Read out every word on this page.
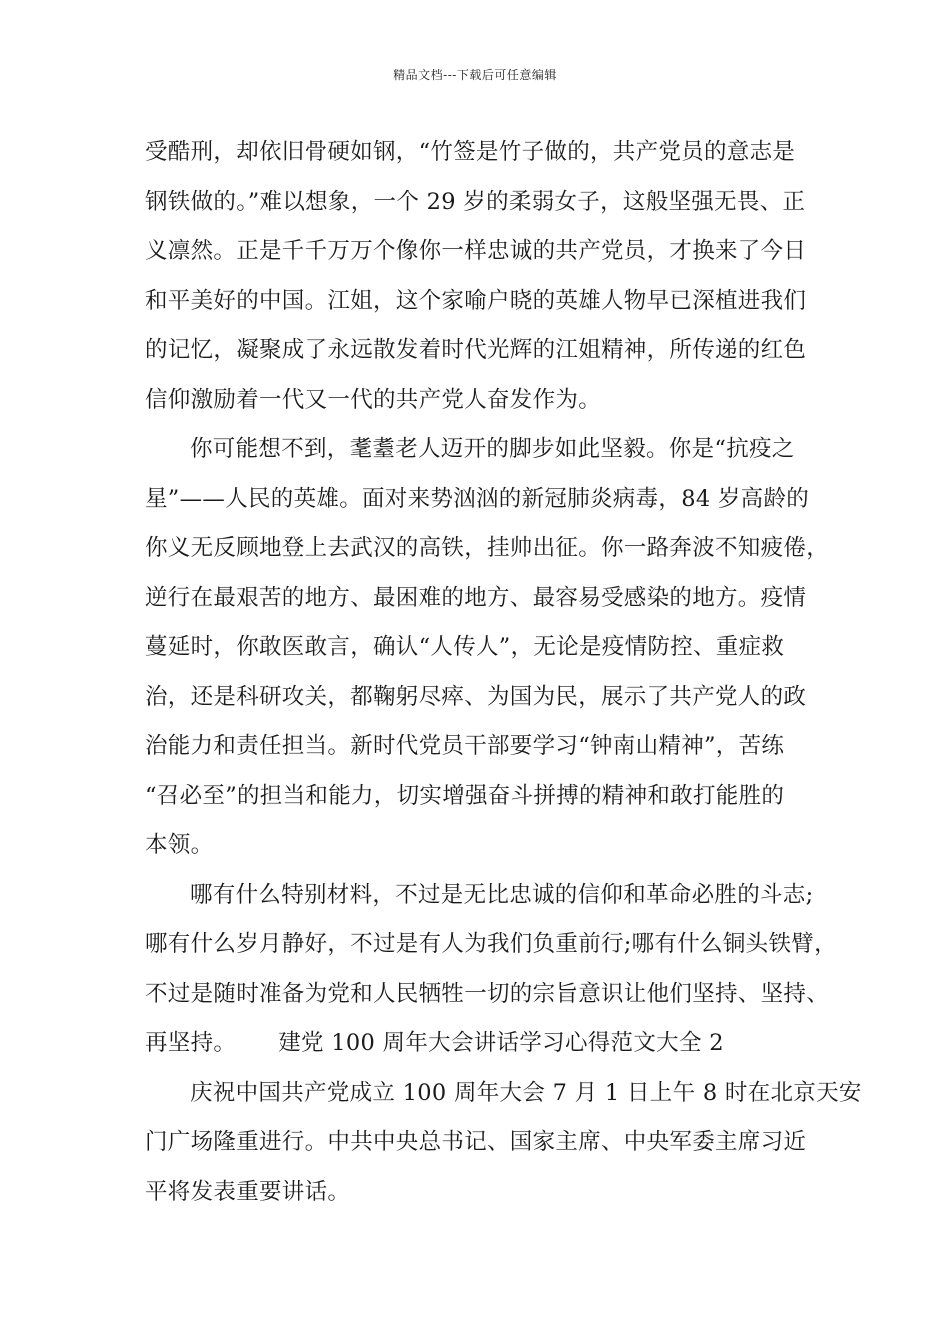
精品文档---下载后可任意编辑
受酷刑，却依旧骨硬如钢，“竹签是竹子做的，共产党员的意志是
钢铁做的。”难以想象，一个 29 岁的柔弱女子，这般坚强无畏、正
义凛然。正是千千万万个像你一样忠诚的共产党员，才换来了今日
和平美好的中国。江姐，这个家喻户晓的英雄人物早已深植进我们
的记忆，凝聚成了永远散发着时代光辉的江姐精神，所传递的红色
信仰激励着一代又一代的共产党人奋发作为。
你可能想不到，耄耋老人迈开的脚步如此坚毅。你是“抗疫之
星”——人民的英雄。面对来势汹汹的新冠肺炎病毒，84 岁高龄的
你义无反顾地登上去武汉的高铁，挂帅出征。你一路奔波不知疲倦，
逆行在最艰苦的地方、最困难的地方、最容易受感染的地方。疫情
蔓延时，你敢医敢言，确认“人传人”，无论是疫情防控、重症救
治，还是科研攻关，都鞠躬尽瘁、为国为民，展示了共产党人的政
治能力和责任担当。新时代党员干部要学习“钟南山精神”，苦练
“召必至”的担当和能力，切实增强奋斗拼搏的精神和敢打能胜的
本领。
哪有什么特别材料，不过是无比忠诚的信仰和革命必胜的斗志;
哪有什么岁月静好，不过是有人为我们负重前行;哪有什么铜头铁臂，
不过是随时准备为党和人民牺牲一切的宗旨意识让他们坚持、坚持、
再坚持。 建党 100 周年大会讲话学习心得范文大全 2
庆祝中国共产党成立 100 周年大会 7 月 1 日上午 8 时在北京天安
门广场隆重进行。中共中央总书记、国家主席、中央军委主席习近
平将发表重要讲话。
